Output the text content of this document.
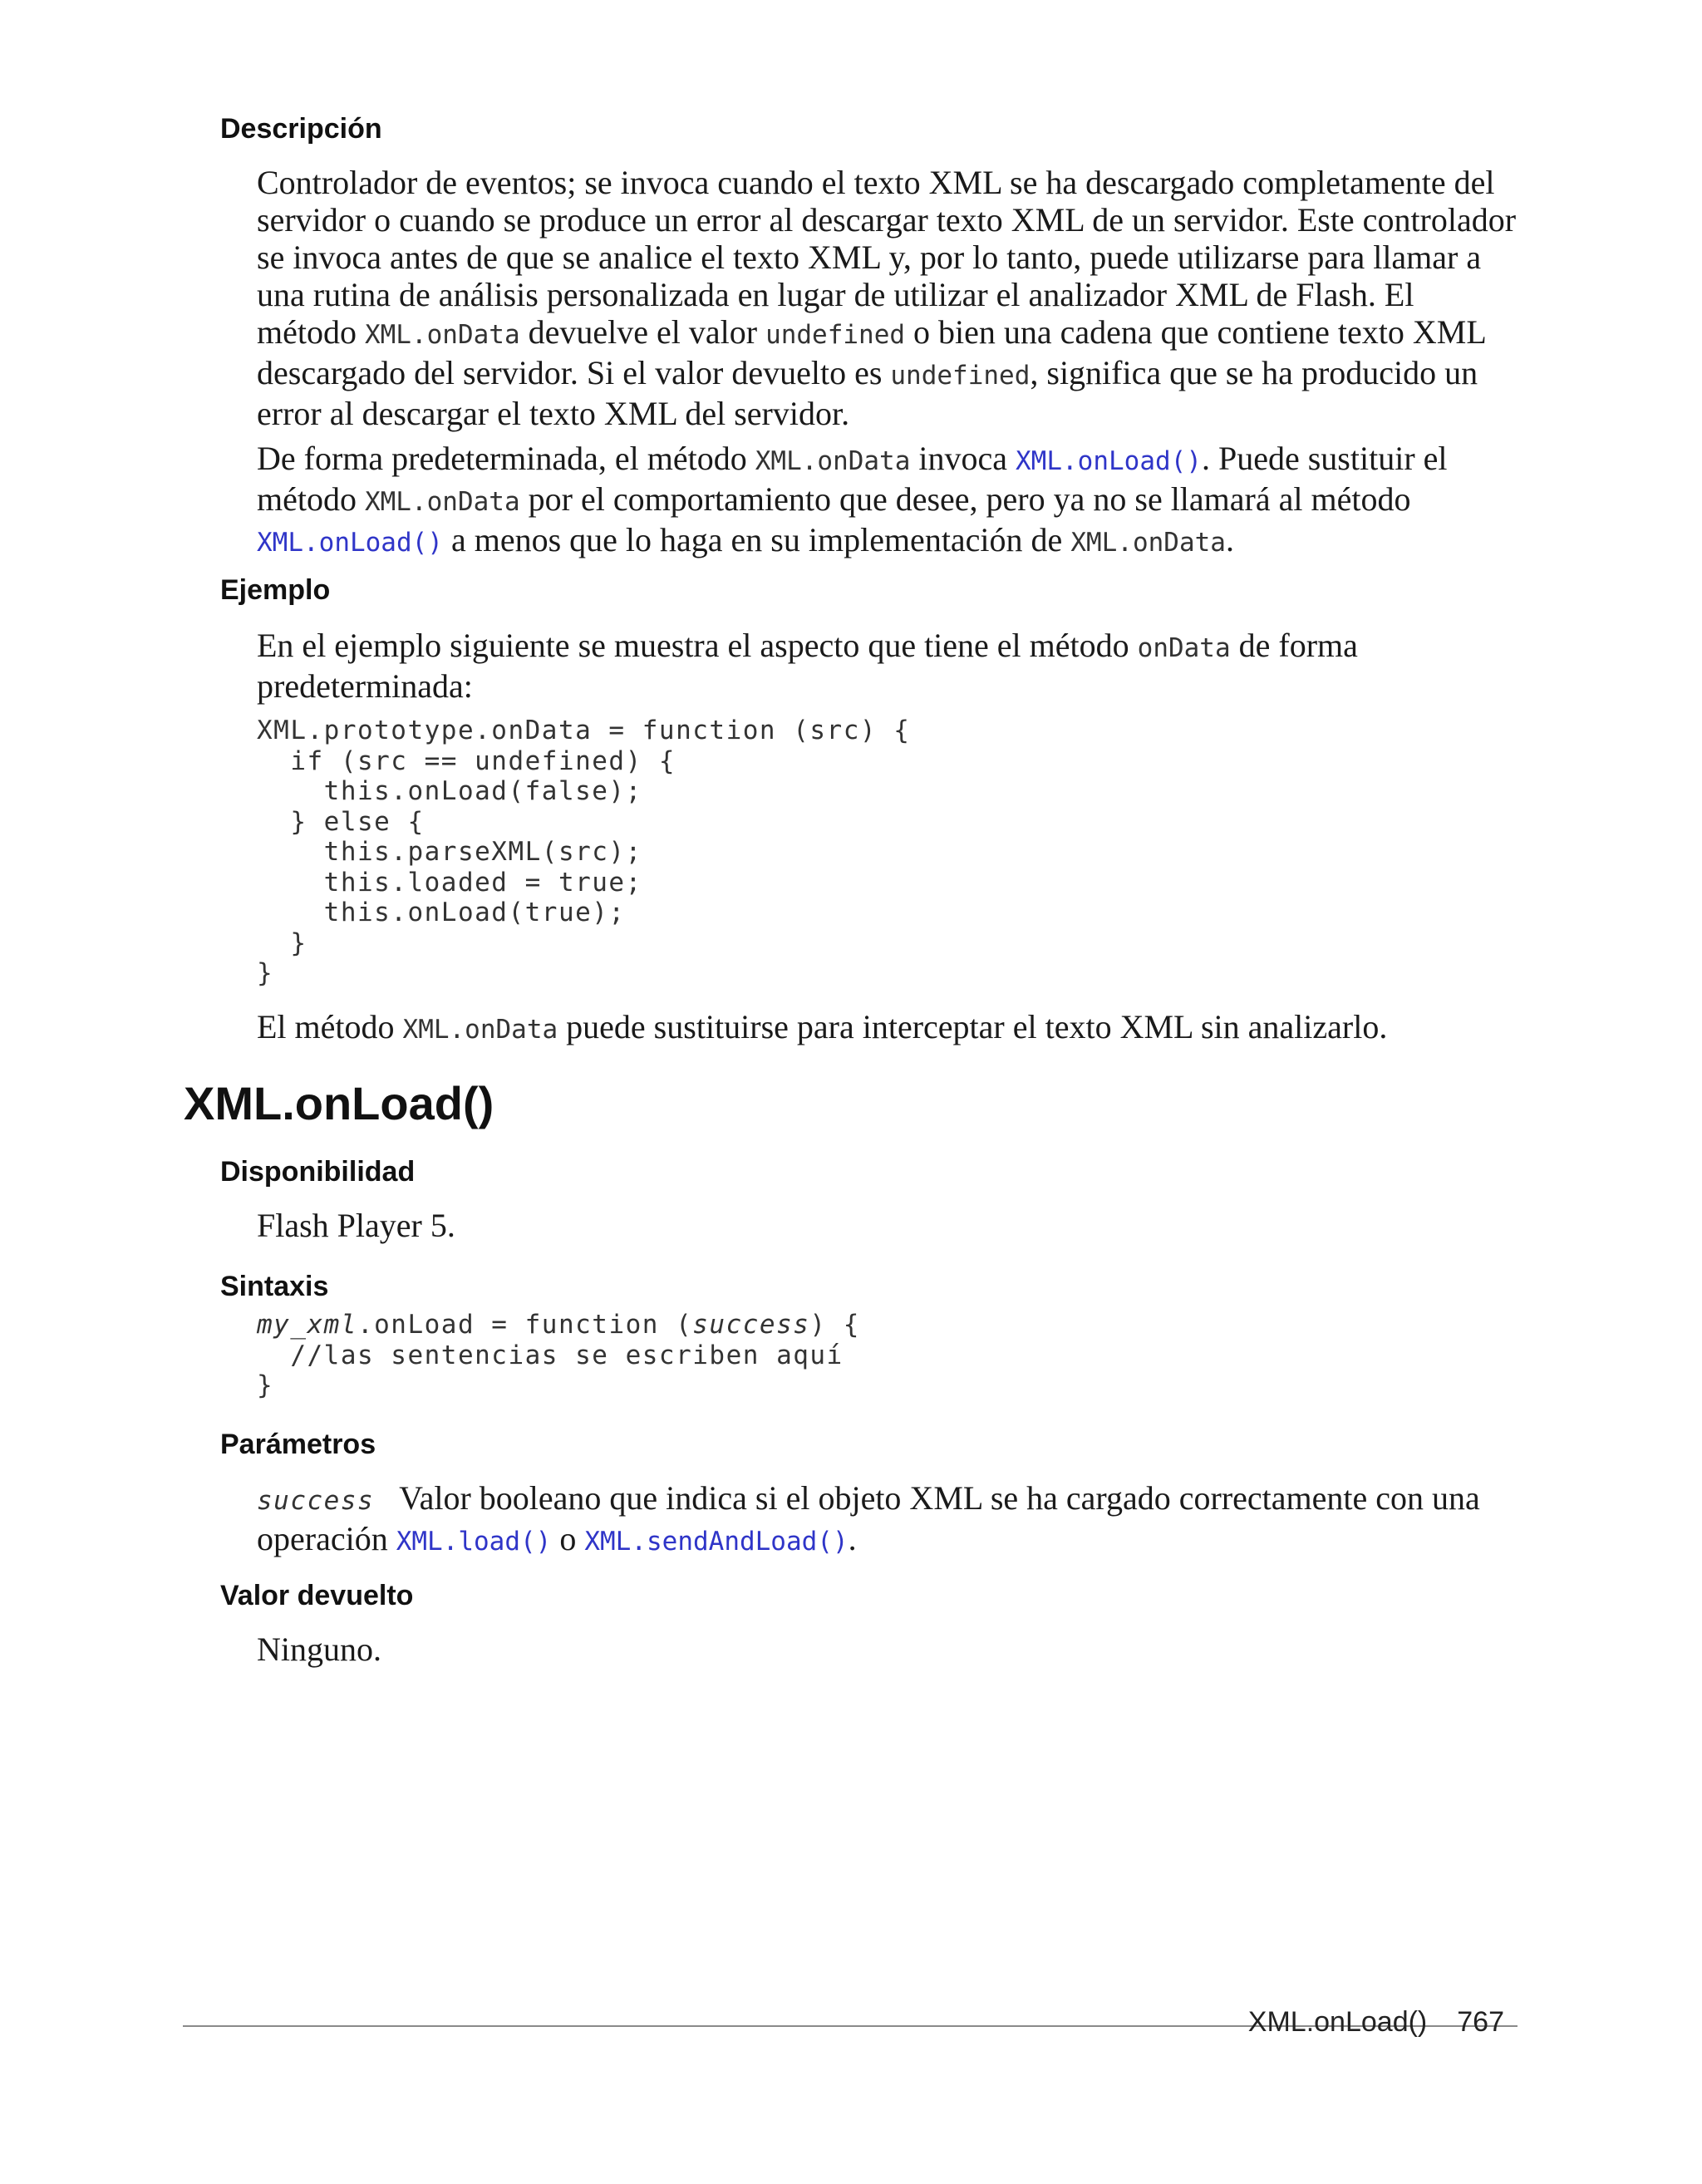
Descripción

Controlador de eventos; se invoca cuando el texto XML se ha descargado completamente del servidor o cuando se produce un error al descargar texto XML de un servidor. Este controlador se invoca antes de que se analice el texto XML y, por lo tanto, puede utilizarse para llamar a una rutina de análisis personalizada en lugar de utilizar el analizador XML de Flash. El método XML.onData devuelve el valor undefined o bien una cadena que contiene texto XML descargado del servidor. Si el valor devuelto es undefined, significa que se ha producido un error al descargar el texto XML del servidor.

De forma predeterminada, el método XML.onData invoca XML.onLoad(). Puede sustituir el método XML.onData por el comportamiento que desee, pero ya no se llamará al método XML.onLoad() a menos que lo haga en su implementación de XML.onData.

Ejemplo

En el ejemplo siguiente se muestra el aspecto que tiene el método onData de forma predeterminada:

XML.prototype.onData = function (src) {
if (src == undefined) {
this.onLoad(false);
} else {
this.parseXML(src);
this.loaded = true;
this.onLoad(true);
}
}

El método XML.onData puede sustituirse para interceptar el texto XML sin analizarlo.

XML.onLoad()
Disponibilidad
Flash Player 5.
Sintaxis
my_xml.onLoad = function (success) {
//las sentencias se escriben aquí
}
Parámetros

success Valor booleano que indica si el objeto XML se ha cargado correctamente con una operación XML.load() o XML.sendAndLoad().

Valor devuelto
Ninguno.
XML.onLoad() 767
